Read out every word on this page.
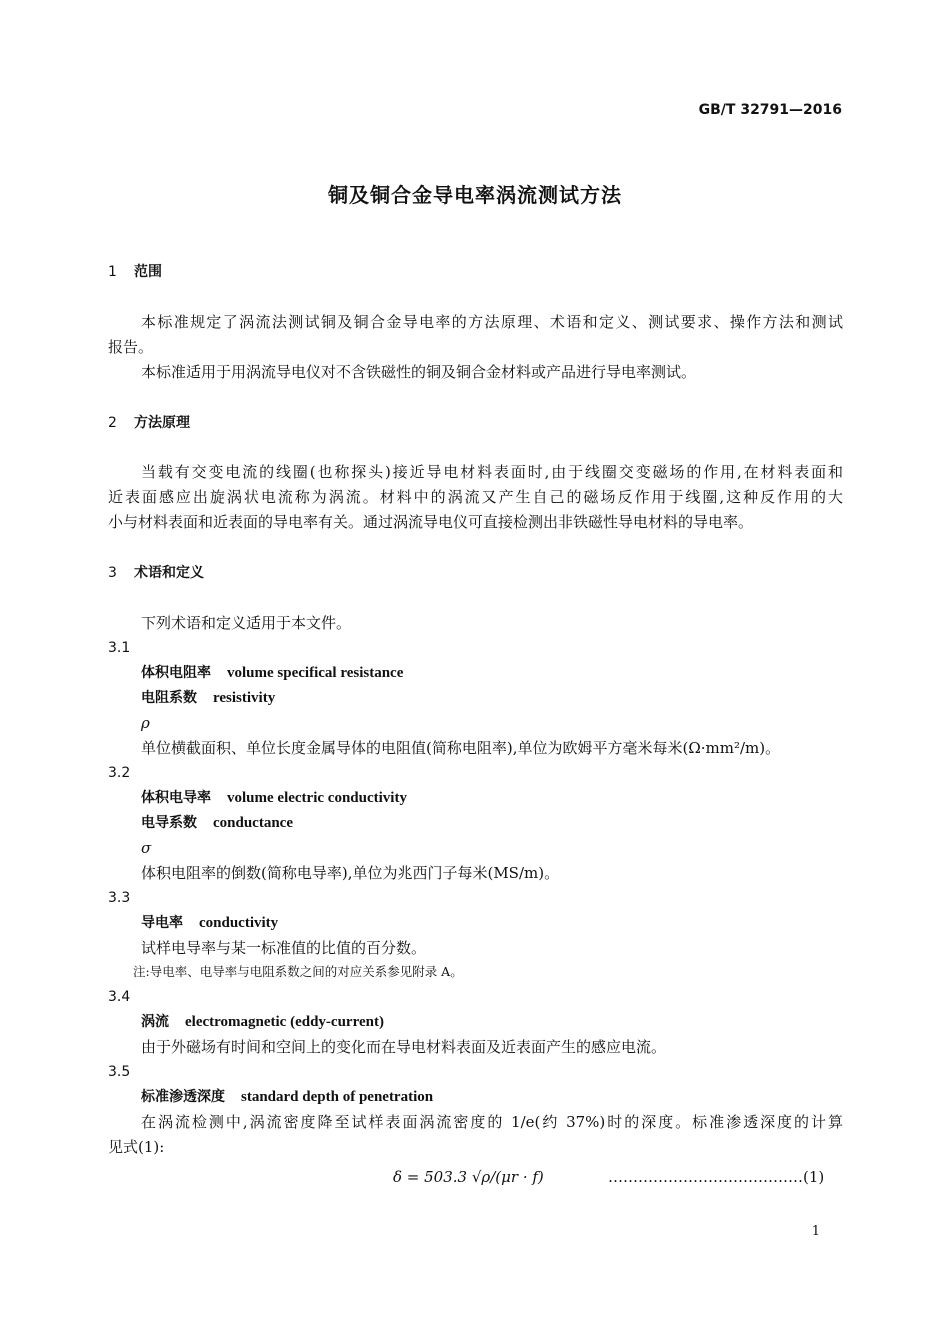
GB/T 32791—2016
铜及铜合金导电率涡流测试方法
1 范围
本标准规定了涡流法测试铜及铜合金导电率的方法原理、术语和定义、测试要求、操作方法和测试
报告。
本标准适用于用涡流导电仪对不含铁磁性的铜及铜合金材料或产品进行导电率测试。
2 方法原理
当载有交变电流的线圈(也称探头)接近导电材料表面时,由于线圈交变磁场的作用,在材料表面和
近表面感应出旋涡状电流称为涡流。材料中的涡流又产生自己的磁场反作用于线圈,这种反作用的大
小与材料表面和近表面的导电率有关。通过涡流导电仪可直接检测出非铁磁性导电材料的导电率。
3 术语和定义
下列术语和定义适用于本文件。
3.1
体积电阻率 volume specifical resistance
电阻系数 resistivity
ρ
单位横截面积、单位长度金属导体的电阻值(简称电阻率),单位为欧姆平方毫米每米(Ω·mm²/m)。
3.2
体积电导率 volume electric conductivity
电导系数 conductance
σ
体积电阻率的倒数(简称电导率),单位为兆西门子每米(MS/m)。
3.3
导电率 conductivity
试样电导率与某一标准值的比值的百分数。
注:导电率、电导率与电阻系数之间的对应关系参见附录 A。
3.4
涡流 electromagnetic (eddy-current)
由于外磁场有时间和空间上的变化而在导电材料表面及近表面产生的感应电流。
3.5
标准渗透深度 standard depth of penetration
在涡流检测中,涡流密度降至试样表面涡流密度的 1/e(约 37%)时的深度。标准渗透深度的计算
见式(1):
δ = 503.3 √ρ/(μr · f)	…………………………………(1)
1
